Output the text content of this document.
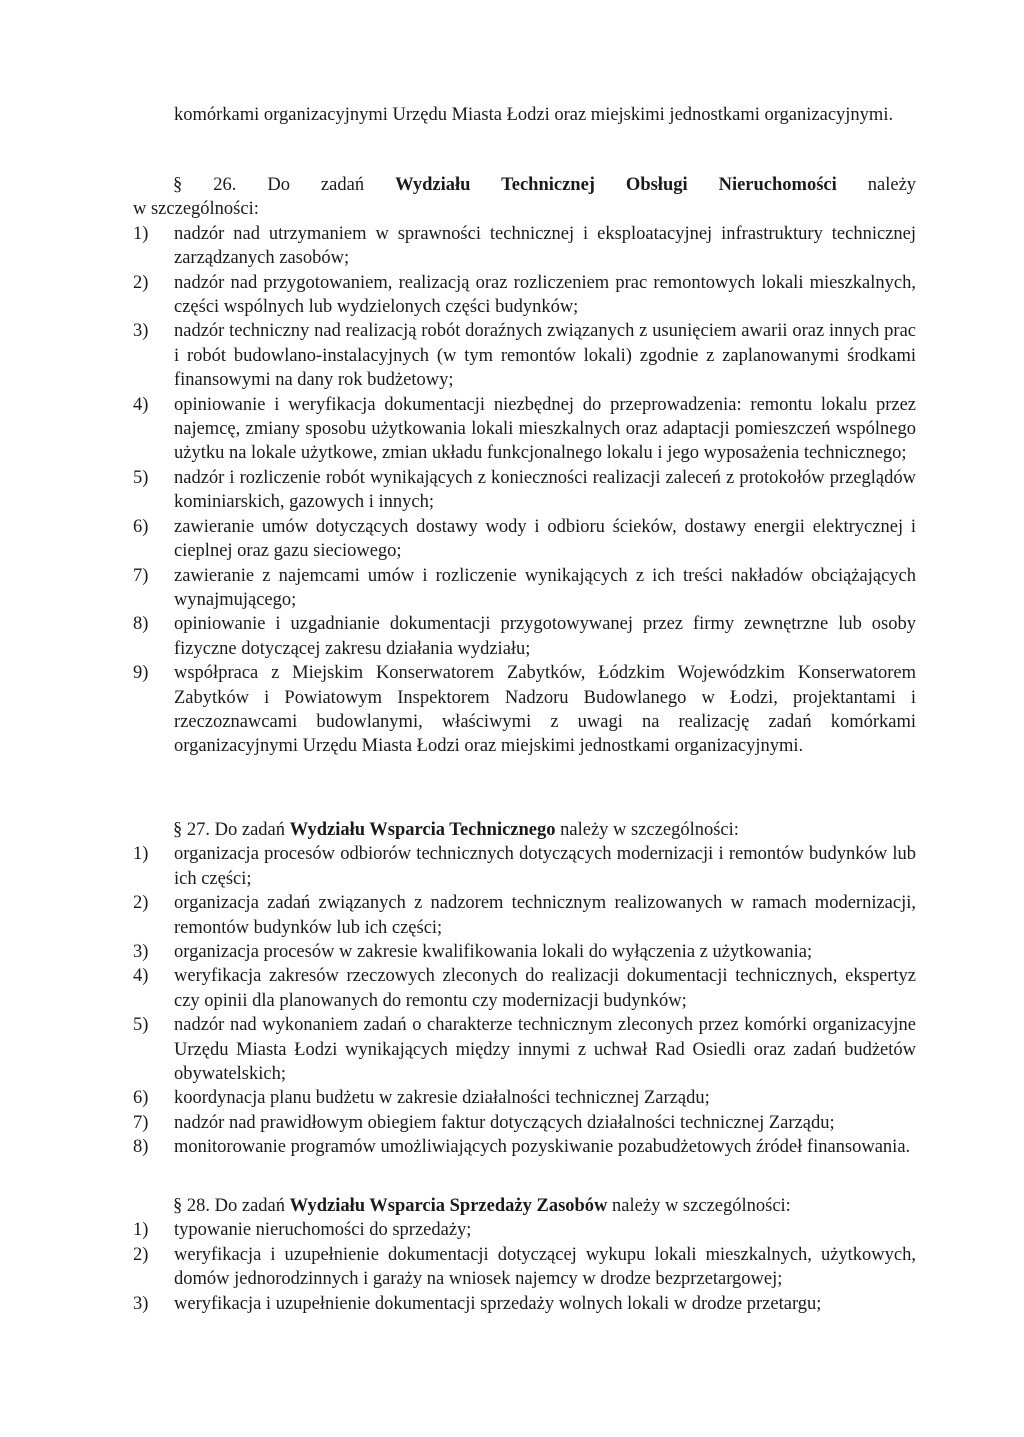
komórkami organizacyjnymi Urzędu Miasta Łodzi oraz miejskimi jednostkami organizacyjnymi.
§ 26. Do zadań Wydziału Technicznej Obsługi Nieruchomości należy
w szczególności:
1) nadzór nad utrzymaniem w sprawności technicznej i eksploatacyjnej infrastruktury technicznej zarządzanych zasobów;
2) nadzór nad przygotowaniem, realizacją oraz rozliczeniem prac remontowych lokali mieszkalnych, części wspólnych lub wydzielonych części budynków;
3) nadzór techniczny nad realizacją robót doraźnych związanych z usunięciem awarii oraz innych prac i robót budowlano-instalacyjnych (w tym remontów lokali) zgodnie z zaplanowanymi środkami finansowymi na dany rok budżetowy;
4) opiniowanie i weryfikacja dokumentacji niezbędnej do przeprowadzenia: remontu lokalu przez najemcę, zmiany sposobu użytkowania lokali mieszkalnych oraz adaptacji pomieszczeń wspólnego użytku na lokale użytkowe, zmian układu funkcjonalnego lokalu i jego wyposażenia technicznego;
5) nadzór i rozliczenie robót wynikających z konieczności realizacji zaleceń z protokołów przeglądów kominiarskich, gazowych i innych;
6) zawieranie umów dotyczących dostawy wody i odbioru ścieków, dostawy energii elektrycznej i cieplnej oraz gazu sieciowego;
7) zawieranie z najemcami umów i rozliczenie wynikających z ich treści nakładów obciążających wynajmującego;
8) opiniowanie i uzgadnianie dokumentacji przygotowywanej przez firmy zewnętrzne lub osoby fizyczne dotyczącej zakresu działania wydziału;
9) współpraca z Miejskim Konserwatorem Zabytków, Łódzkim Wojewódzkim Konserwatorem Zabytków i Powiatowym Inspektorem Nadzoru Budowlanego w Łodzi, projektantami i rzeczoznawcami budowlanymi, właściwymi z uwagi na realizację zadań komórkami organizacyjnymi Urzędu Miasta Łodzi oraz miejskimi jednostkami organizacyjnymi.
§ 27. Do zadań Wydziału Wsparcia Technicznego należy w szczególności:
1) organizacja procesów odbiorów technicznych dotyczących modernizacji i remontów budynków lub ich części;
2) organizacja zadań związanych z nadzorem technicznym realizowanych w ramach modernizacji, remontów budynków lub ich części;
3) organizacja procesów w zakresie kwalifikowania lokali do wyłączenia z użytkowania;
4) weryfikacja zakresów rzeczowych zleconych do realizacji dokumentacji technicznych, ekspertyz czy opinii dla planowanych do remontu czy modernizacji budynków;
5) nadzór nad wykonaniem zadań o charakterze technicznym zleconych przez komórki organizacyjne Urzędu Miasta Łodzi wynikających między innymi z uchwał Rad Osiedli oraz zadań budżetów obywatelskich;
6) koordynacja planu budżetu w zakresie działalności technicznej Zarządu;
7) nadzór nad prawidłowym obiegiem faktur dotyczących działalności technicznej Zarządu;
8) monitorowanie programów umożliwiających pozyskiwanie pozabudżetowych źródeł finansowania.
§ 28. Do zadań Wydziału Wsparcia Sprzedaży Zasobów należy w szczególności:
1) typowanie nieruchomości do sprzedaży;
2) weryfikacja i uzupełnienie dokumentacji dotyczącej wykupu lokali mieszkalnych, użytkowych, domów jednorodzinnych i garaży na wniosek najemcy w drodze bezprzetargowej;
3) weryfikacja i uzupełnienie dokumentacji sprzedaży wolnych lokali w drodze przetargu;
